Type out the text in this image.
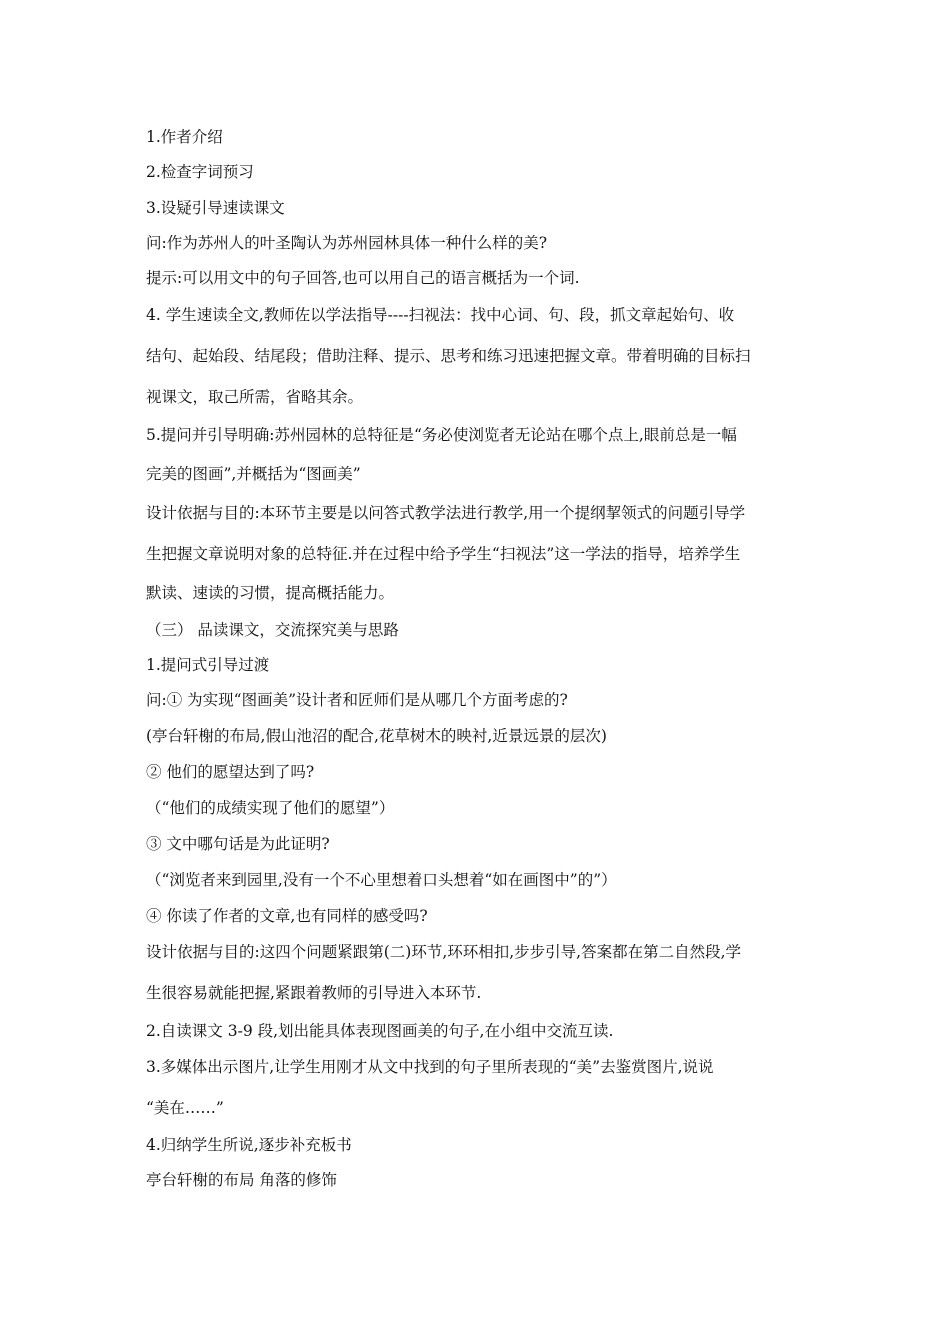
1.作者介绍
2.检查字词预习
3.设疑引导速读课文
问:作为苏州人的叶圣陶认为苏州园林具体一种什么样的美?
提示:可以用文中的句子回答,也可以用自己的语言概括为一个词.
4. 学生速读全文,教师佐以学法指导----扫视法：找中心词、句、段，抓文章起始句、收
结句、起始段、结尾段；借助注释、提示、思考和练习迅速把握文章。带着明确的目标扫
视课文，取己所需，省略其余。
5.提问并引导明确:苏州园林的总特征是“务必使浏览者无论站在哪个点上,眼前总是一幅
完美的图画”,并概括为“图画美”
设计依据与目的:本环节主要是以问答式教学法进行教学,用一个提纲挈领式的问题引导学
生把握文章说明对象的总特征.并在过程中给予学生“扫视法”这一学法的指导，培养学生
默读、速读的习惯，提高概括能力。
（三） 品读课文，交流探究美与思路
1.提问式引导过渡
问:① 为实现“图画美”设计者和匠师们是从哪几个方面考虑的?
(亭台轩榭的布局,假山池沼的配合,花草树木的映衬,近景远景的层次)
② 他们的愿望达到了吗?
（“他们的成绩实现了他们的愿望”）
③ 文中哪句话是为此证明?
（“浏览者来到园里,没有一个不心里想着口头想着“如在画图中”的”）
④ 你读了作者的文章,也有同样的感受吗?
设计依据与目的:这四个问题紧跟第(二)环节,环环相扣,步步引导,答案都在第二自然段,学
生很容易就能把握,紧跟着教师的引导进入本环节.
2.自读课文 3-9 段,划出能具体表现图画美的句子,在小组中交流互读.
3.多媒体出示图片,让学生用刚才从文中找到的句子里所表现的“美”去鉴赏图片,说说
“美在……”
4.归纳学生所说,逐步补充板书
亭台轩榭的布局 角落的修饰
